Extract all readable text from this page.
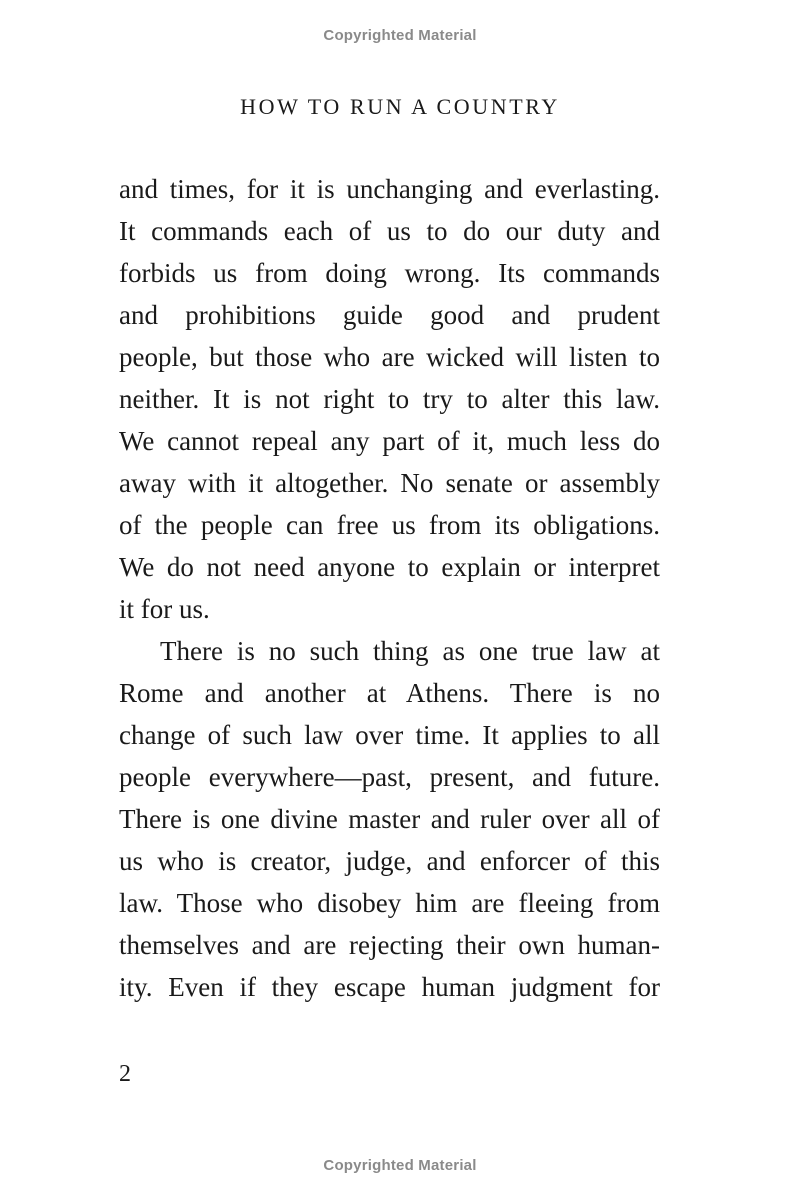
Copyrighted Material
HOW TO RUN A COUNTRY
and times, for it is unchanging and everlasting.
It commands each of us to do our duty and
forbids us from doing wrong. Its commands
and prohibitions guide good and prudent
people, but those who are wicked will listen to
neither. It is not right to try to alter this law.
We cannot repeal any part of it, much less do
away with it altogether. No senate or assembly
of the people can free us from its obligations.
We do not need anyone to explain or interpret
it for us.
There is no such thing as one true law at
Rome and another at Athens. There is no
change of such law over time. It applies to all
people everywhere—past, present, and future.
There is one divine master and ruler over all of
us who is creator, judge, and enforcer of this
law. Those who disobey him are fleeing from
themselves and are rejecting their own human-
ity. Even if they escape human judgment for
2
Copyrighted Material
